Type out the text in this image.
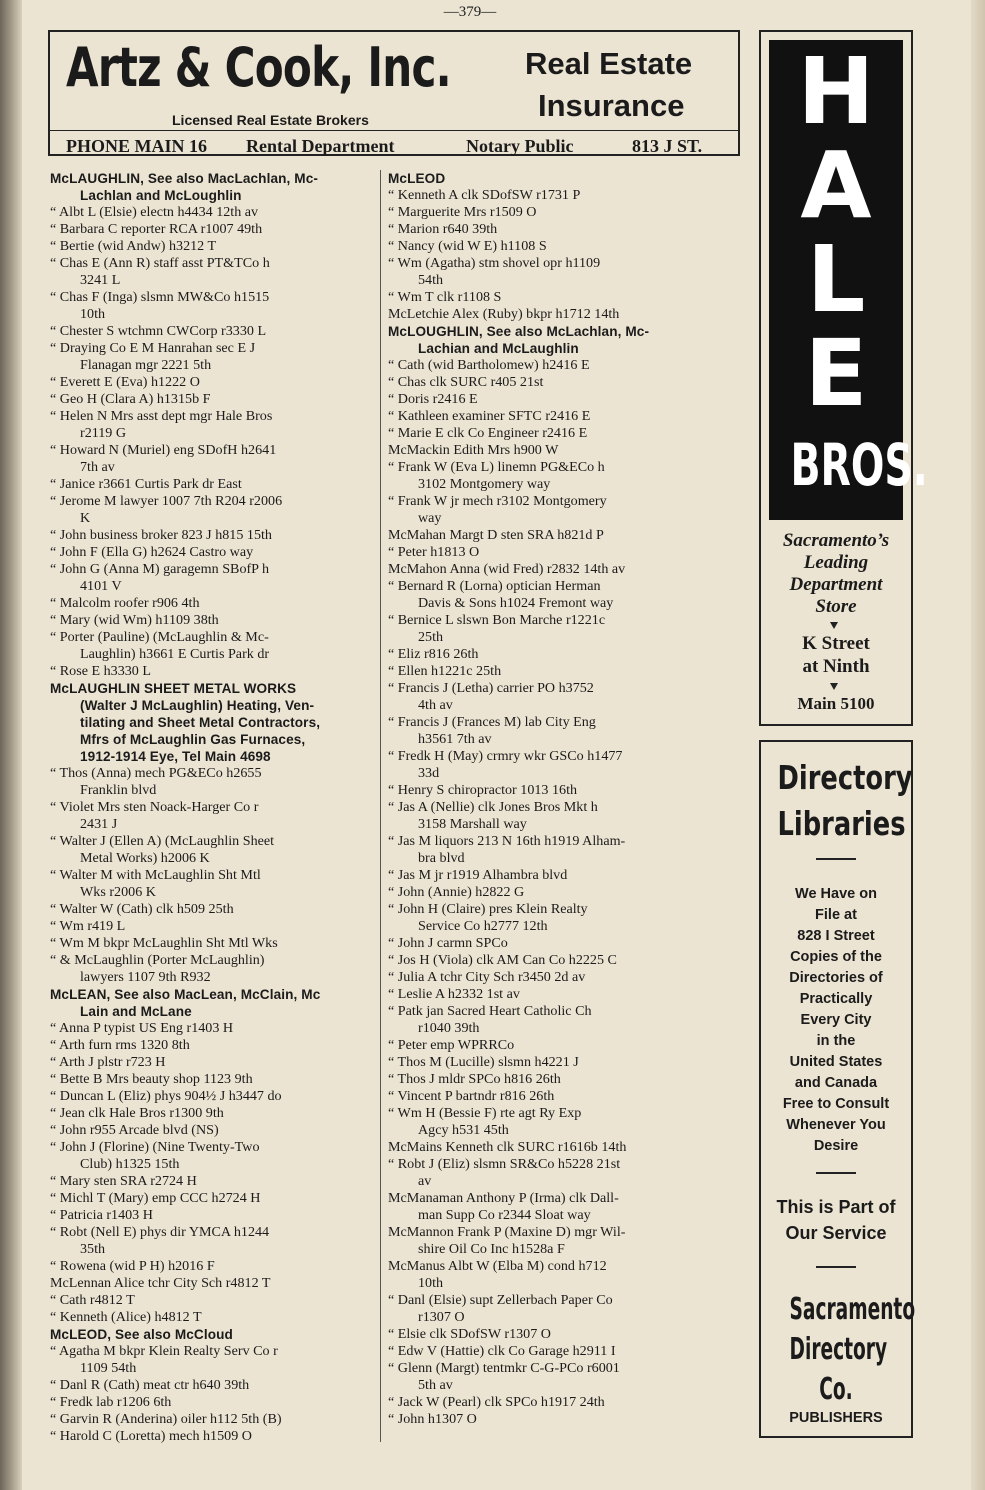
—379—
Artz & Cook, Inc.
Licensed Real Estate Brokers
Real Estate
Insurance
PHONE MAIN 16 Rental Department	Notary Public	813 J ST.
McLAUGHLIN, See also MacLachlan, Mc-
Lachlan and McLoughlin
“ Albt L (Elsie) electn h4434 12th av
“ Barbara C reporter RCA r1007 49th
“ Bertie (wid Andw) h3212 T
“ Chas E (Ann R) staff asst PT&TCo h
3241 L
“ Chas F (Inga) slsmn MW&Co h1515
10th
“ Chester S wtchmn CWCorp r3330 L
“ Draying Co E M Hanrahan sec E J
Flanagan mgr 2221 5th
“ Everett E (Eva) h1222 O
“ Geo H (Clara A) h1315b F
“ Helen N Mrs asst dept mgr Hale Bros
r2119 G
“ Howard N (Muriel) eng SDofH h2641
7th av
“ Janice r3661 Curtis Park dr East
“ Jerome M lawyer 1007 7th R204 r2006
K
“ John business broker 823 J h815 15th
“ John F (Ella G) h2624 Castro way
“ John G (Anna M) garagemn SBofP h
4101 V
“ Malcolm roofer r906 4th
“ Mary (wid Wm) h1109 38th
“ Porter (Pauline) (McLaughlin & Mc-
Laughlin) h3661 E Curtis Park dr
“ Rose E h3330 L
McLAUGHLIN SHEET METAL WORKS
(Walter J McLaughlin) Heating, Ven-
tilating and Sheet Metal Contractors,
Mfrs of McLaughlin Gas Furnaces,
1912-1914 Eye, Tel Main 4698
“ Thos (Anna) mech PG&ECo h2655
Franklin blvd
“ Violet Mrs sten Noack-Harger Co r
2431 J
“ Walter J (Ellen A) (McLaughlin Sheet
Metal Works) h2006 K
“ Walter M with McLaughlin Sht Mtl
Wks r2006 K
“ Walter W (Cath) clk h509 25th
“ Wm r419 L
“ Wm M bkpr McLaughlin Sht Mtl Wks
“ & McLaughlin (Porter McLaughlin)
lawyers 1107 9th R932
McLEAN, See also MacLean, McClain, Mc
Lain and McLane
“ Anna P typist US Eng r1403 H
“ Arth furn rms 1320 8th
“ Arth J plstr r723 H
“ Bette B Mrs beauty shop 1123 9th
“ Duncan L (Eliz) phys 904½ J h3447 do
“ Jean clk Hale Bros r1300 9th
“ John r955 Arcade blvd (NS)
“ John J (Florine) (Nine Twenty-Two
Club) h1325 15th
“ Mary sten SRA r2724 H
“ Michl T (Mary) emp CCC h2724 H
“ Patricia r1403 H
“ Robt (Nell E) phys dir YMCA h1244
35th
“ Rowena (wid P H) h2016 F
McLennan Alice tchr City Sch r4812 T
“ Cath r4812 T
“ Kenneth (Alice) h4812 T
McLEOD, See also McCloud
“ Agatha M bkpr Klein Realty Serv Co r
1109 54th
“ Danl R (Cath) meat ctr h640 39th
“ Fredk lab r1206 6th
“ Garvin R (Anderina) oiler h112 5th (B)
“ Harold C (Loretta) mech h1509 O
McLEOD
“ Kenneth A clk SDofSW r1731 P
“ Marguerite Mrs r1509 O
“ Marion r640 39th
“ Nancy (wid W E) h1108 S
“ Wm (Agatha) stm shovel opr h1109
54th
“ Wm T clk r1108 S
McLetchie Alex (Ruby) bkpr h1712 14th
McLOUGHLIN, See also McLachlan, Mc-
Lachian and McLaughlin
“ Cath (wid Bartholomew) h2416 E
“ Chas clk SURC r405 21st
“ Doris r2416 E
“ Kathleen examiner SFTC r2416 E
“ Marie E clk Co Engineer r2416 E
McMackin Edith Mrs h900 W
“ Frank W (Eva L) linemn PG&ECo h
3102 Montgomery way
“ Frank W jr mech r3102 Montgomery
way
McMahan Margt D sten SRA h821d P
“ Peter h1813 O
McMahon Anna (wid Fred) r2832 14th av
“ Bernard R (Lorna) optician Herman
Davis & Sons h1024 Fremont way
“ Bernice L slswn Bon Marche r1221c
25th
“ Eliz r816 26th
“ Ellen h1221c 25th
“ Francis J (Letha) carrier PO h3752
4th av
“ Francis J (Frances M) lab City Eng
h3561 7th av
“ Fredk H (May) crmry wkr GSCo h1477
33d
“ Henry S chiropractor 1013 16th
“ Jas A (Nellie) clk Jones Bros Mkt h
3158 Marshall way
“ Jas M liquors 213 N 16th h1919 Alham-
bra blvd
“ Jas M jr r1919 Alhambra blvd
“ John (Annie) h2822 G
“ John H (Claire) pres Klein Realty
Service Co h2777 12th
“ John J carmn SPCo
“ Jos H (Viola) clk AM Can Co h2225 C
“ Julia A tchr City Sch r3450 2d av
“ Leslie A h2332 1st av
“ Patk jan Sacred Heart Catholic Ch
r1040 39th
“ Peter emp WPRRCo
“ Thos M (Lucille) slsmn h4221 J
“ Thos J mldr SPCo h816 26th
“ Vincent P bartndr r816 26th
“ Wm H (Bessie F) rte agt Ry Exp
Agcy h531 45th
McMains Kenneth clk SURC r1616b 14th
“ Robt J (Eliz) slsmn SR&Co h5228 21st
av
McManaman Anthony P (Irma) clk Dall-
man Supp Co r2344 Sloat way
McMannon Frank P (Maxine D) mgr Wil-
shire Oil Co Inc h1528a F
McManus Albt W (Elba M) cond h712
10th
“ Danl (Elsie) supt Zellerbach Paper Co
r1307 O
“ Elsie clk SDofSW r1307 O
“ Edw V (Hattie) clk Co Garage h2911 I
“ Glenn (Margt) tentmkr C-G-PCo r6001
5th av
“ Jack W (Pearl) clk SPCo h1917 24th
“ John h1307 O
H
A
L
E
BROS.
Sacramento’s
Leading
Department
Store
K Street
at Ninth
Main 5100
Directory
Libraries
We Have on
File at
828 I Street
Copies of the
Directories of
Practically
Every City
in the
United States
and Canada
Free to Consult
Whenever You
Desire
This is Part of
Our Service
Sacramento
Directory
Co.
PUBLISHERS
